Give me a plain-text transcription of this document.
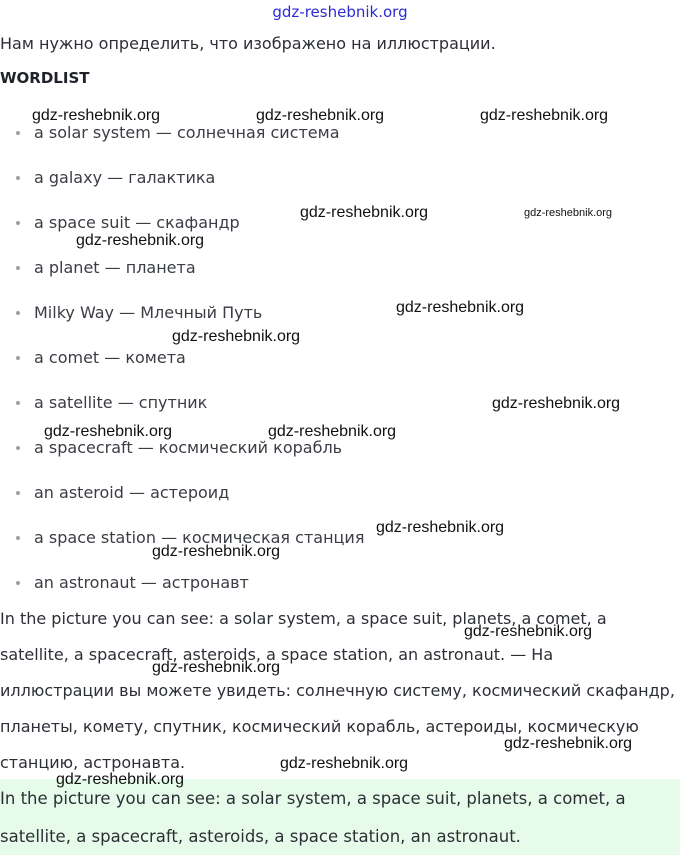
gdz-reshebnik.org
Нам нужно определить, что изображено на иллюстрации.
WORDLIST
a solar system — солнечная система
a galaxy — галактика
a space suit — скафандр
a planet — планета
Milky Way — Млечный Путь
a comet — комета
a satellite — спутник
a spacecraft — космический корабль
an asteroid — астероид
a space station — космическая станция
an astronaut — астронавт
In the picture you can see: a solar system, a space suit, planets, a comet, a
satellite, a spacecraft, asteroids, a space station, an astronaut. — На
иллюстрации вы можете увидеть: солнечную систему, космический скафандр,
планеты, комету, спутник, космический корабль, астероиды, космическую
станцию, астронавта.
In the picture you can see: a solar system, a space suit, planets, a comet, a
satellite, a spacecraft, asteroids, a space station, an astronaut.
gdz-reshebnik.org	gdz-reshebnik.org	gdz-reshebnik.org
gdz-reshebnik.org	gdz-reshebnik.org
gdz-reshebnik.org
gdz-reshebnik.org
gdz-reshebnik.org
gdz-reshebnik.org
gdz-reshebnik.org	gdz-reshebnik.org
gdz-reshebnik.org
gdz-reshebnik.org
gdz-reshebnik.org
gdz-reshebnik.org
gdz-reshebnik.org
gdz-reshebnik.org
gdz-reshebnik.org
